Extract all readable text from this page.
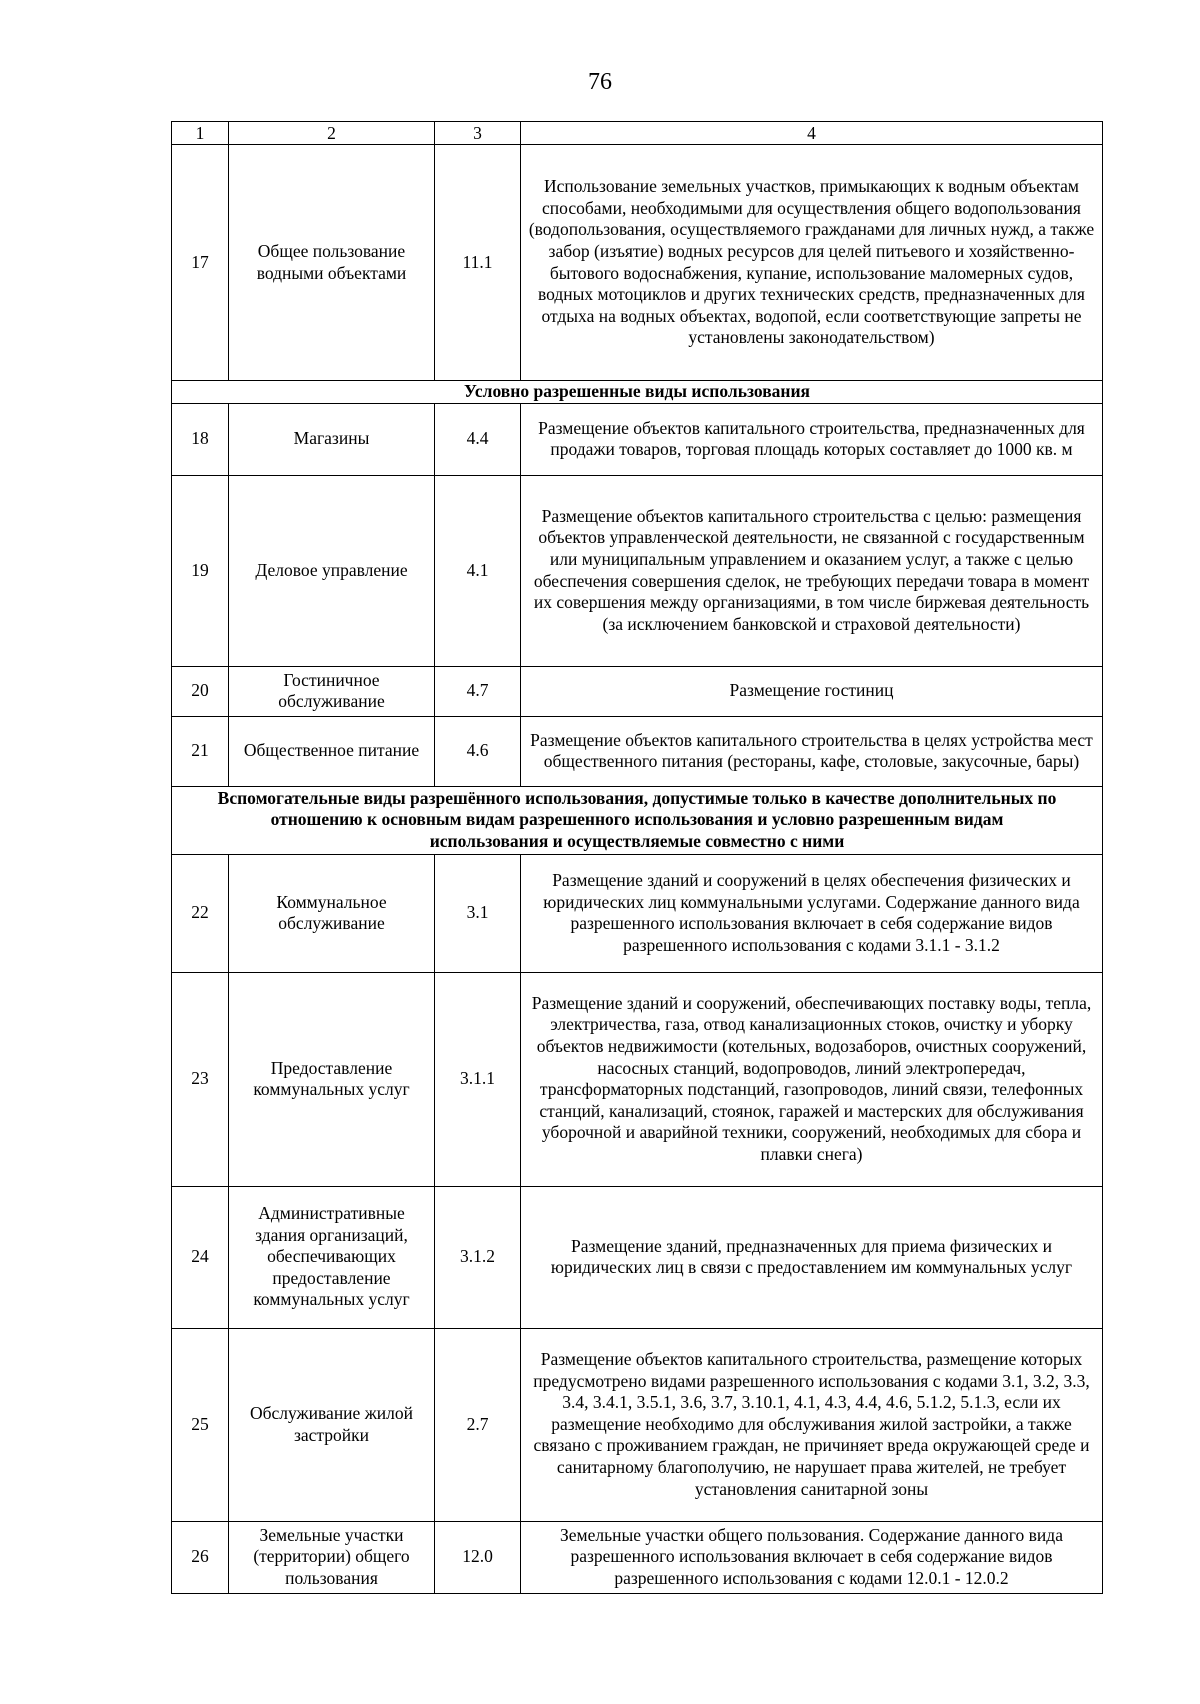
76
1	2	3	4
17	Общее пользование водными объектами	11.1	Использование земельных участков, примыкающих к водным объектам способами, необходимыми для осуществления общего водопользования (водопользования, осуществляемого гражданами для личных нужд, а также забор (изъятие) водных ресурсов для целей питьевого и хозяйственно-бытового водоснабжения, купание, использование маломерных судов, водных мотоциклов и других технических средств, предназначенных для отдыха на водных объектах, водопой, если соответствующие запреты не установлены законодательством)
Условно разрешенные виды использования			
18	Магазины	4.4	Размещение объектов капитального строительства, предназначенных для продажи товаров, торговая площадь которых составляет до 1000 кв. м
19	Деловое управление	4.1	Размещение объектов капитального строительства с целью: размещения объектов управленческой деятельности, не связанной с государственным или муниципальным управлением и оказанием услуг, а также с целью обеспечения совершения сделок, не требующих передачи товара в момент их совершения между организациями, в том числе биржевая деятельность (за исключением банковской и страховой деятельности)
20	Гостиничное обслуживание	4.7	Размещение гостиниц
21	Общественное питание	4.6	Размещение объектов капитального строительства в целях устройства мест общественного питания (рестораны, кафе, столовые, закусочные, бары)
Вспомогательные виды разрешённого использования, допустимые только в качестве дополнительных по отношению к основным видам разрешенного использования и условно разрешенным видам использования и осуществляемые совместно с ними			
22	Коммунальное обслуживание	3.1	Размещение зданий и сооружений в целях обеспечения физических и юридических лиц коммунальными услугами. Содержание данного вида разрешенного использования включает в себя содержание видов разрешенного использования с кодами 3.1.1 - 3.1.2
23	Предоставление коммунальных услуг	3.1.1	Размещение зданий и сооружений, обеспечивающих поставку воды, тепла, электричества, газа, отвод канализационных стоков, очистку и уборку объектов недвижимости (котельных, водозаборов, очистных сооружений, насосных станций, водопроводов, линий электропередач, трансформаторных подстанций, газопроводов, линий связи, телефонных станций, канализаций, стоянок, гаражей и мастерских для обслуживания уборочной и аварийной техники, сооружений, необходимых для сбора и плавки снега)
24	Административные здания организаций, обеспечивающих предоставление коммунальных услуг	3.1.2	Размещение зданий, предназначенных для приема физических и юридических лиц в связи с предоставлением им коммунальных услуг
25	Обслуживание жилой застройки	2.7	Размещение объектов капитального строительства, размещение которых предусмотрено видами разрешенного использования с кодами 3.1, 3.2, 3.3, 3.4, 3.4.1, 3.5.1, 3.6, 3.7, 3.10.1, 4.1, 4.3, 4.4, 4.6, 5.1.2, 5.1.3, если их размещение необходимо для обслуживания жилой застройки, а также связано с проживанием граждан, не причиняет вреда окружающей среде и санитарному благополучию, не нарушает права жителей, не требует установления санитарной зоны
26	Земельные участки (территории) общего пользования	12.0	Земельные участки общего пользования. Содержание данного вида разрешенного использования включает в себя содержание видов разрешенного использования с кодами 12.0.1 - 12.0.2
